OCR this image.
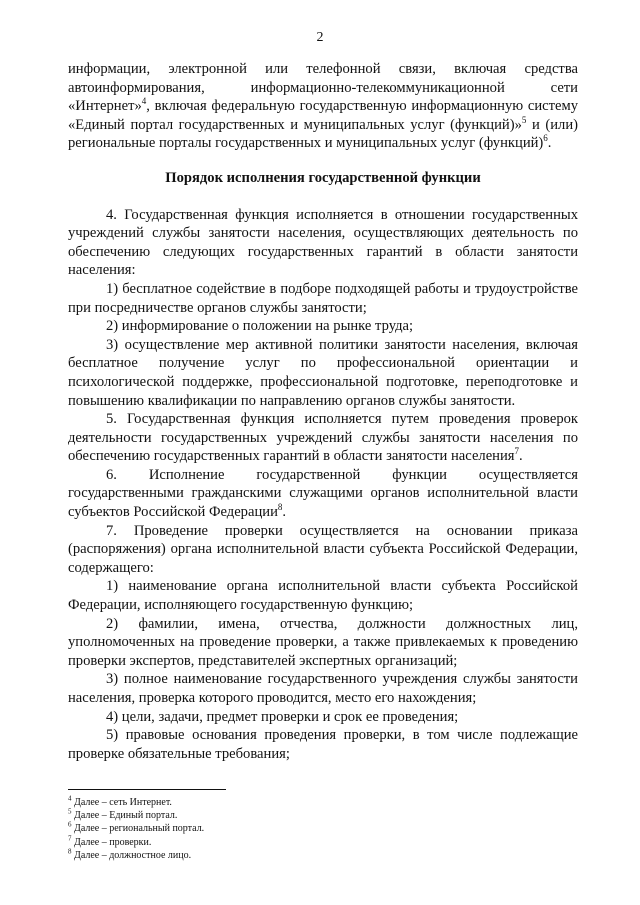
2

информации, электронной или телефонной связи, включая средства автоинформирования, информационно-телекоммуникационной сети «Интернет»$^4$, включая федеральную государственную информационную систему «Единый портал государственных и муниципальных услуг (функций)»$^5$ и (или) региональные порталы государственных и муниципальных услуг (функций)$^6$.

Порядок исполнения государственной функции

4. Государственная функция исполняется в отношении государственных учреждений службы занятости населения, осуществляющих деятельность по обеспечению следующих государственных гарантий в области занятости населения:

1) бесплатное содействие в подборе подходящей работы и трудоустройстве при посредничестве органов службы занятости;

2) информирование о положении на рынке труда;

3) осуществление мер активной политики занятости населения, включая бесплатное получение услуг по профессиональной ориентации и психологической поддержке, профессиональной подготовке, переподготовке и повышению квалификации по направлению органов службы занятости.

5. Государственная функция исполняется путем проведения проверок деятельности государственных учреждений службы занятости населения по обеспечению государственных гарантий в области занятости населения$^7$.

6. Исполнение государственной функции осуществляется государственными гражданскими служащими органов исполнительной власти субъектов Российской Федерации$^8$.

7. Проведение проверки осуществляется на основании приказа (распоряжения) органа исполнительной власти субъекта Российской Федерации, содержащего:

1) наименование органа исполнительной власти субъекта Российской Федерации, исполняющего государственную функцию;

2) фамилии, имена, отчества, должности должностных лиц, уполномоченных на проведение проверки, а также привлекаемых к проведению проверки экспертов, представителей экспертных организаций;

3) полное наименование государственного учреждения службы занятости населения, проверка которого проводится, место его нахождения;

4) цели, задачи, предмет проверки и срок ее проведения;

5) правовые основания проведения проверки, в том числе подлежащие проверке обязательные требования;

$^4$ Далее – сеть Интернет.

$^5$ Далее – Единый портал.

$^6$ Далее – региональный портал.

$^7$ Далее – проверки.

$^8$ Далее – должностное лицо.
